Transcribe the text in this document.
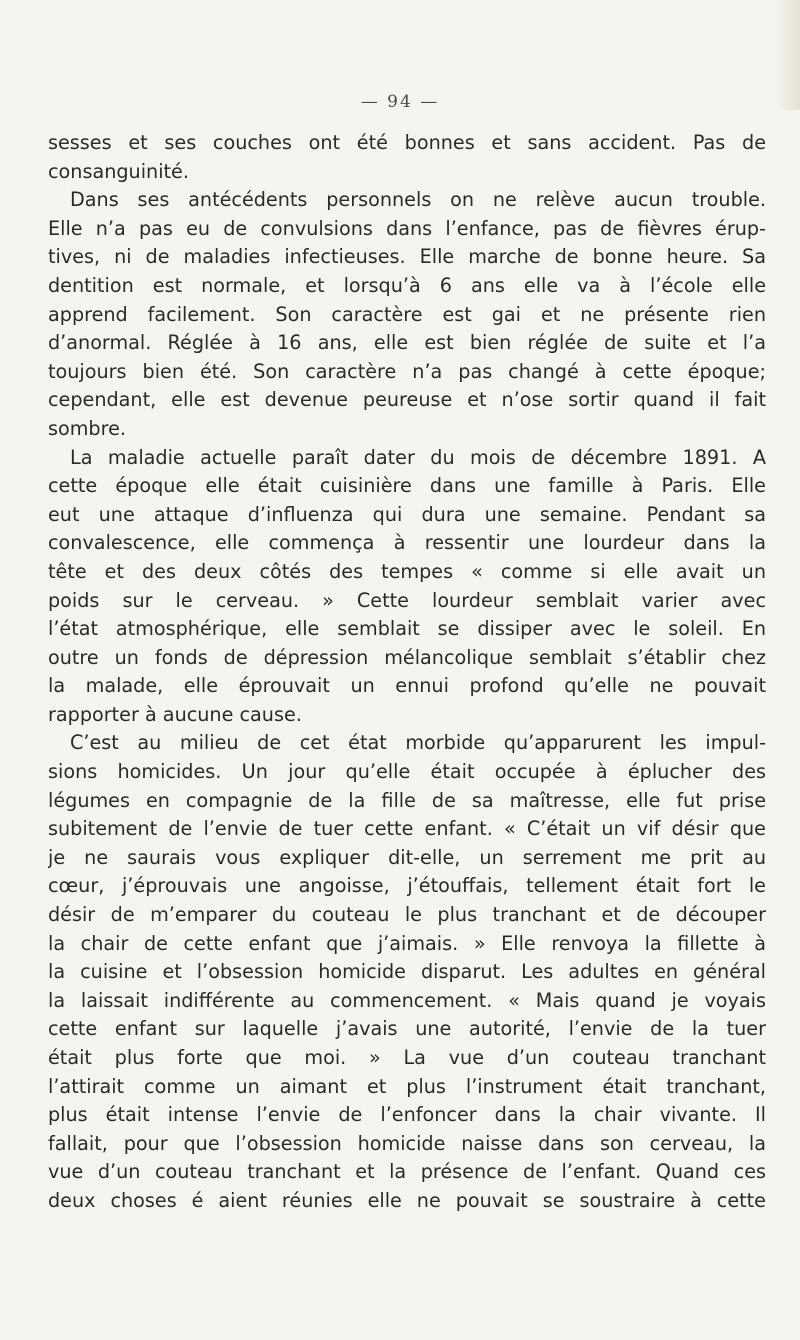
— 94 —
sesses et ses couches ont été bonnes et sans accident. Pas de
consanguinité.
Dans ses antécédents personnels on ne relève aucun trouble.
Elle n’a pas eu de convulsions dans l’enfance, pas de fièvres érup-
tives, ni de maladies infectieuses. Elle marche de bonne heure. Sa
dentition est normale, et lorsqu’à 6 ans elle va à l’école elle
apprend facilement. Son caractère est gai et ne présente rien
d’anormal. Réglée à 16 ans, elle est bien réglée de suite et l’a
toujours bien été. Son caractère n’a pas changé à cette époque;
cependant, elle est devenue peureuse et n’ose sortir quand il fait
sombre.
La maladie actuelle paraît dater du mois de décembre 1891. A
cette époque elle était cuisinière dans une famille à Paris. Elle
eut une attaque d’influenza qui dura une semaine. Pendant sa
convalescence, elle commença à ressentir une lourdeur dans la
tête et des deux côtés des tempes « comme si elle avait un
poids sur le cerveau. » Cette lourdeur semblait varier avec
l’état atmosphérique, elle semblait se dissiper avec le soleil. En
outre un fonds de dépression mélancolique semblait s’établir chez
la malade, elle éprouvait un ennui profond qu’elle ne pouvait
rapporter à aucune cause.
C’est au milieu de cet état morbide qu’apparurent les impul-
sions homicides. Un jour qu’elle était occupée à éplucher des
légumes en compagnie de la fille de sa maîtresse, elle fut prise
subitement de l’envie de tuer cette enfant. « C’était un vif désir que
je ne saurais vous expliquer dit-elle, un serrement me prit au
cœur, j’éprouvais une angoisse, j’étouffais, tellement était fort le
désir de m’emparer du couteau le plus tranchant et de découper
la chair de cette enfant que j’aimais. » Elle renvoya la fillette à
la cuisine et l’obsession homicide disparut. Les adultes en général
la laissait indifférente au commencement. « Mais quand je voyais
cette enfant sur laquelle j’avais une autorité, l’envie de la tuer
était plus forte que moi. » La vue d’un couteau tranchant
l’attirait comme un aimant et plus l’instrument était tranchant,
plus était intense l’envie de l’enfoncer dans la chair vivante. Il
fallait, pour que l’obsession homicide naisse dans son cerveau, la
vue d’un couteau tranchant et la présence de l’enfant. Quand ces
deux choses é aient réunies elle ne pouvait se soustraire à cette
